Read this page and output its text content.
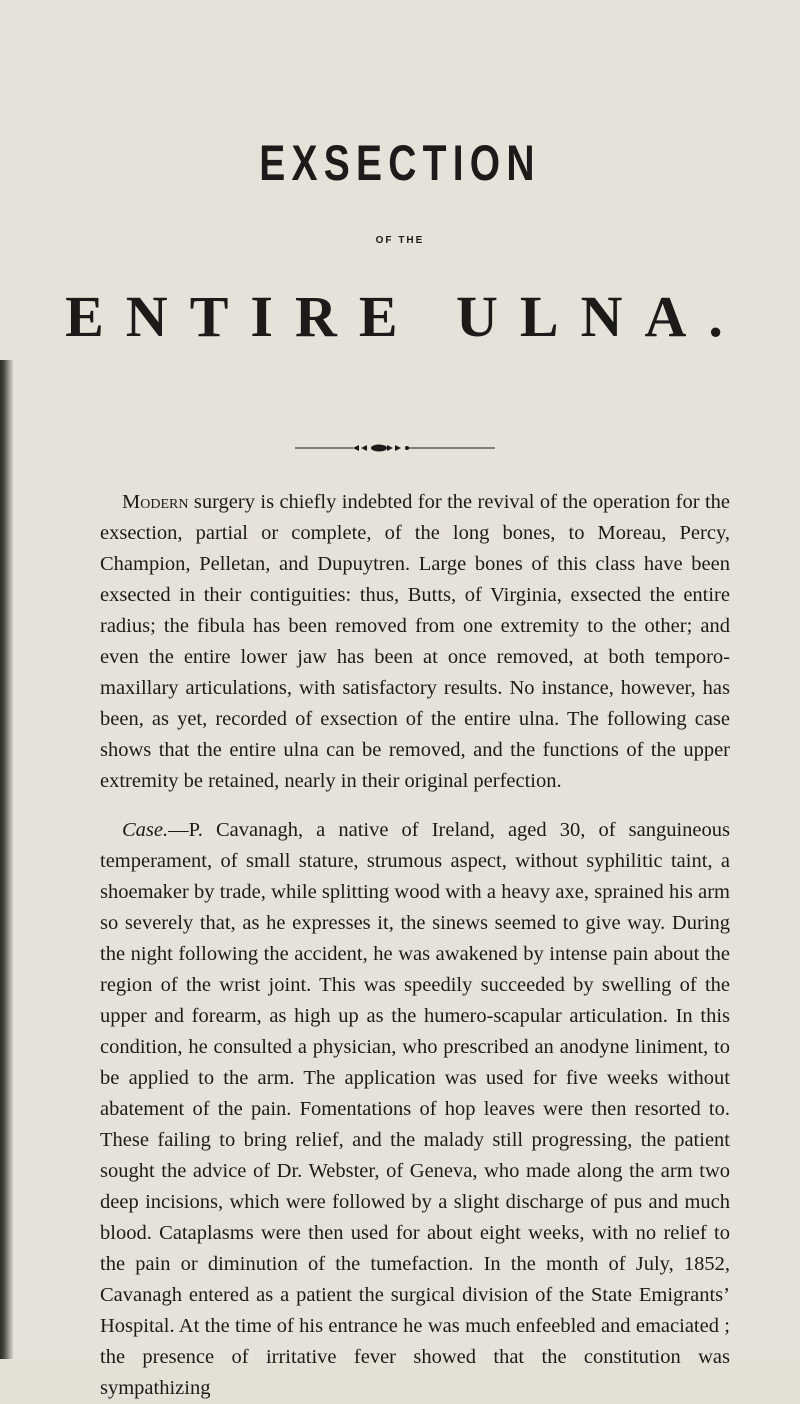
EXSECTION
OF THE
ENTIRE ULNA.

Modern surgery is chiefly indebted for the revival of the operation for the exsection, partial or complete, of the long bones, to Moreau, Percy, Champion, Pelletan, and Dupuytren. Large bones of this class have been exsected in their contiguities: thus, Butts, of Virginia, exsected the entire radius; the fibula has been removed from one extremity to the other; and even the entire lower jaw has been at once removed, at both temporo-maxillary articulations, with satisfactory results. No instance, however, has been, as yet, recorded of exsection of the entire ulna. The following case shows that the entire ulna can be removed, and the functions of the upper extremity be retained, nearly in their original perfection.

Case.—P. Cavanagh, a native of Ireland, aged 30, of sanguineous temperament, of small stature, strumous aspect, without syphilitic taint, a shoemaker by trade, while splitting wood with a heavy axe, sprained his arm so severely that, as he expresses it, the sinews seemed to give way. During the night following the accident, he was awakened by intense pain about the region of the wrist joint. This was speedily succeeded by swelling of the upper and forearm, as high up as the humero-scapular articulation. In this condition, he consulted a physician, who prescribed an anodyne liniment, to be applied to the arm. The application was used for five weeks without abatement of the pain. Fomentations of hop leaves were then resorted to. These failing to bring relief, and the malady still progressing, the patient sought the advice of Dr. Webster, of Geneva, who made along the arm two deep incisions, which were followed by a slight discharge of pus and much blood. Cataplasms were then used for about eight weeks, with no relief to the pain or diminution of the tumefaction. In the month of July, 1852, Cavanagh entered as a patient the surgical division of the State Emigrants’ Hospital. At the time of his entrance he was much enfeebled and emaciated ; the presence of irritative fever showed that the constitution was sympathizing
